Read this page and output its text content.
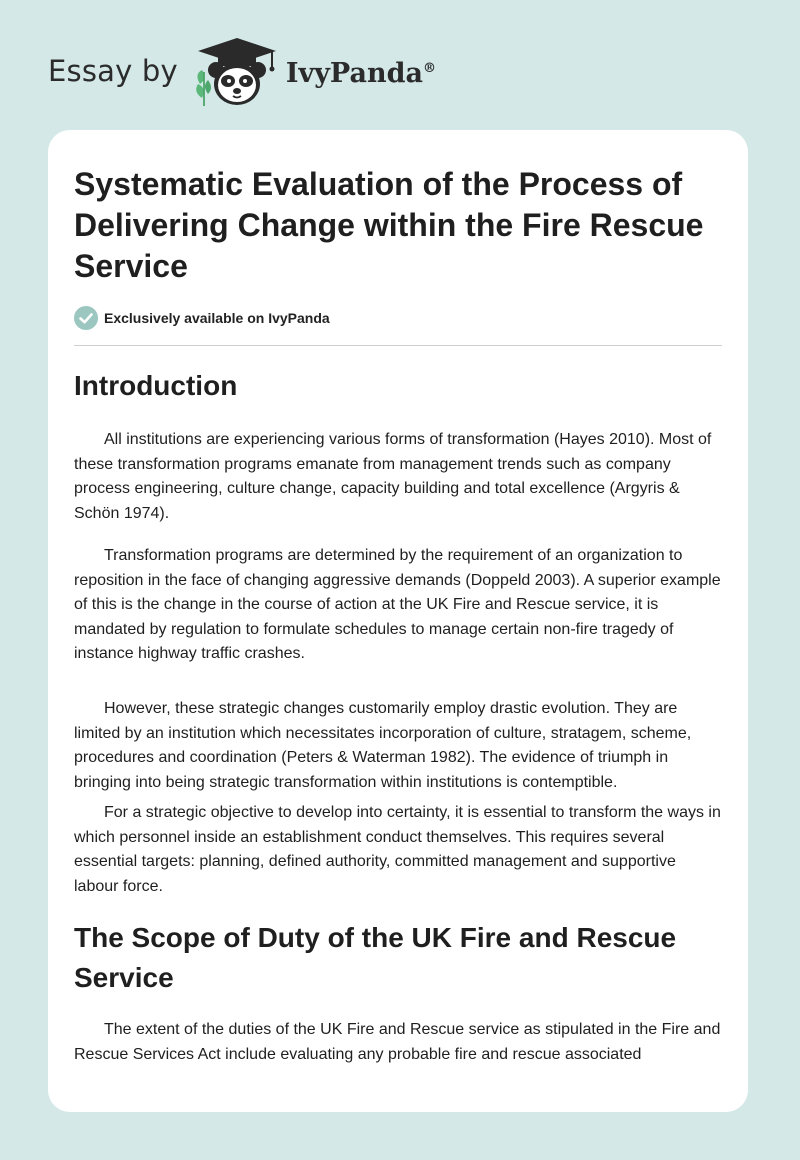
Essay by	IvyPanda®
Systematic Evaluation of the Process of Delivering Change within the Fire Rescue Service
Exclusively available on IvyPanda
Introduction

All institutions are experiencing various forms of transformation (Hayes 2010). Most of these transformation programs emanate from management trends such as company process engineering, culture change, capacity building and total excellence (Argyris & Schön 1974).

Transformation programs are determined by the requirement of an organization to reposition in the face of changing aggressive demands (Doppeld 2003). A superior example of this is the change in the course of action at the UK Fire and Rescue service, it is mandated by regulation to formulate schedules to manage certain non-fire tragedy of instance highway traffic crashes.

However, these strategic changes customarily employ drastic evolution. They are limited by an institution which necessitates incorporation of culture, stratagem, scheme, procedures and coordination (Peters & Waterman 1982). The evidence of triumph in bringing into being strategic transformation within institutions is contemptible.

For a strategic objective to develop into certainty, it is essential to transform the ways in which personnel inside an establishment conduct themselves. This requires several essential targets: planning, defined authority, committed management and supportive labour force.

The Scope of Duty of the UK Fire and Rescue Service

The extent of the duties of the UK Fire and Rescue service as stipulated in the Fire and Rescue Services Act include evaluating any probable fire and rescue associated
